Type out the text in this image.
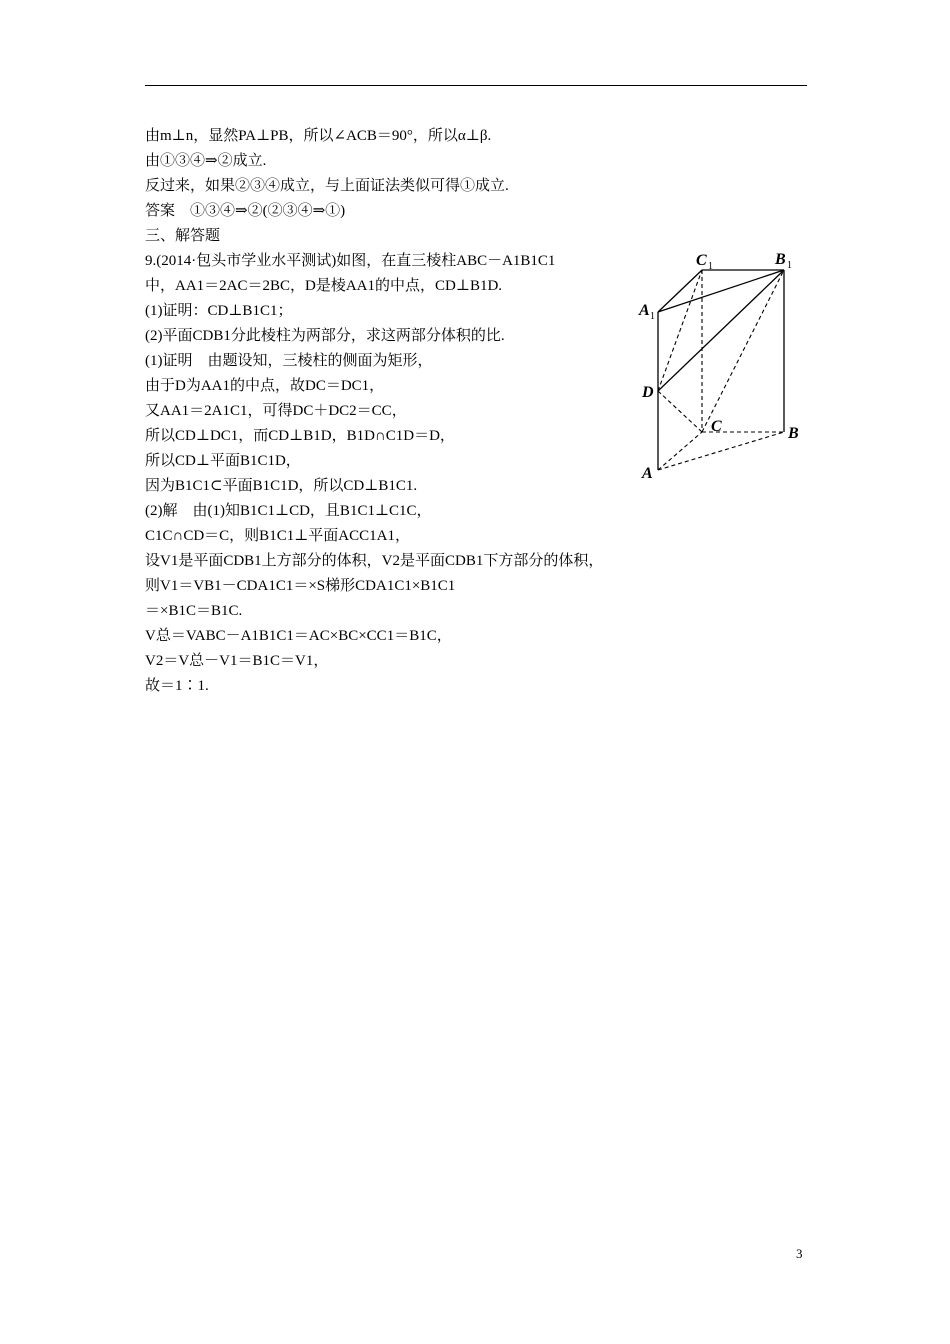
由m⊥n，显然PA⊥PB，所以∠ACB＝90°，所以α⊥β.
由①③④⇒②成立.
反过来，如果②③④成立，与上面证法类似可得①成立.
答案　①③④⇒②(②③④⇒①)
三、解答题
9.(2014·包头市学业水平测试)如图，在直三棱柱ABC－A1B1C1
中，AA1＝2AC＝2BC，D是棱AA1的中点，CD⊥B1D.
(1)证明：CD⊥B1C1；
(2)平面CDB1分此棱柱为两部分，求这两部分体积的比.
(1)证明　由题设知，三棱柱的侧面为矩形，
由于D为AA1的中点，故DC＝DC1，
又AA1＝2A1C1，可得DC＋DC2＝CC，
所以CD⊥DC1，而CD⊥B1D，B1D∩C1D＝D，
所以CD⊥平面B1C1D，
因为B1C1⊂平面B1C1D，所以CD⊥B1C1.
(2)解　由(1)知B1C1⊥CD，且B1C1⊥C1C，
C1C∩CD＝C，则B1C1⊥平面ACC1A1，
设V1是平面CDB1上方部分的体积，V2是平面CDB1下方部分的体积，
则V1＝VB1－CDA1C1＝×S梯形CDA1C1×B1C1
＝×B1C＝B1C.
V总＝VABC－A1B1C1＝AC×BC×CC1＝B1C，
V2＝V总－V1＝B1C＝V1，
故＝1∶1.
C 1	B 1
A 1
D
C	B
A
3
